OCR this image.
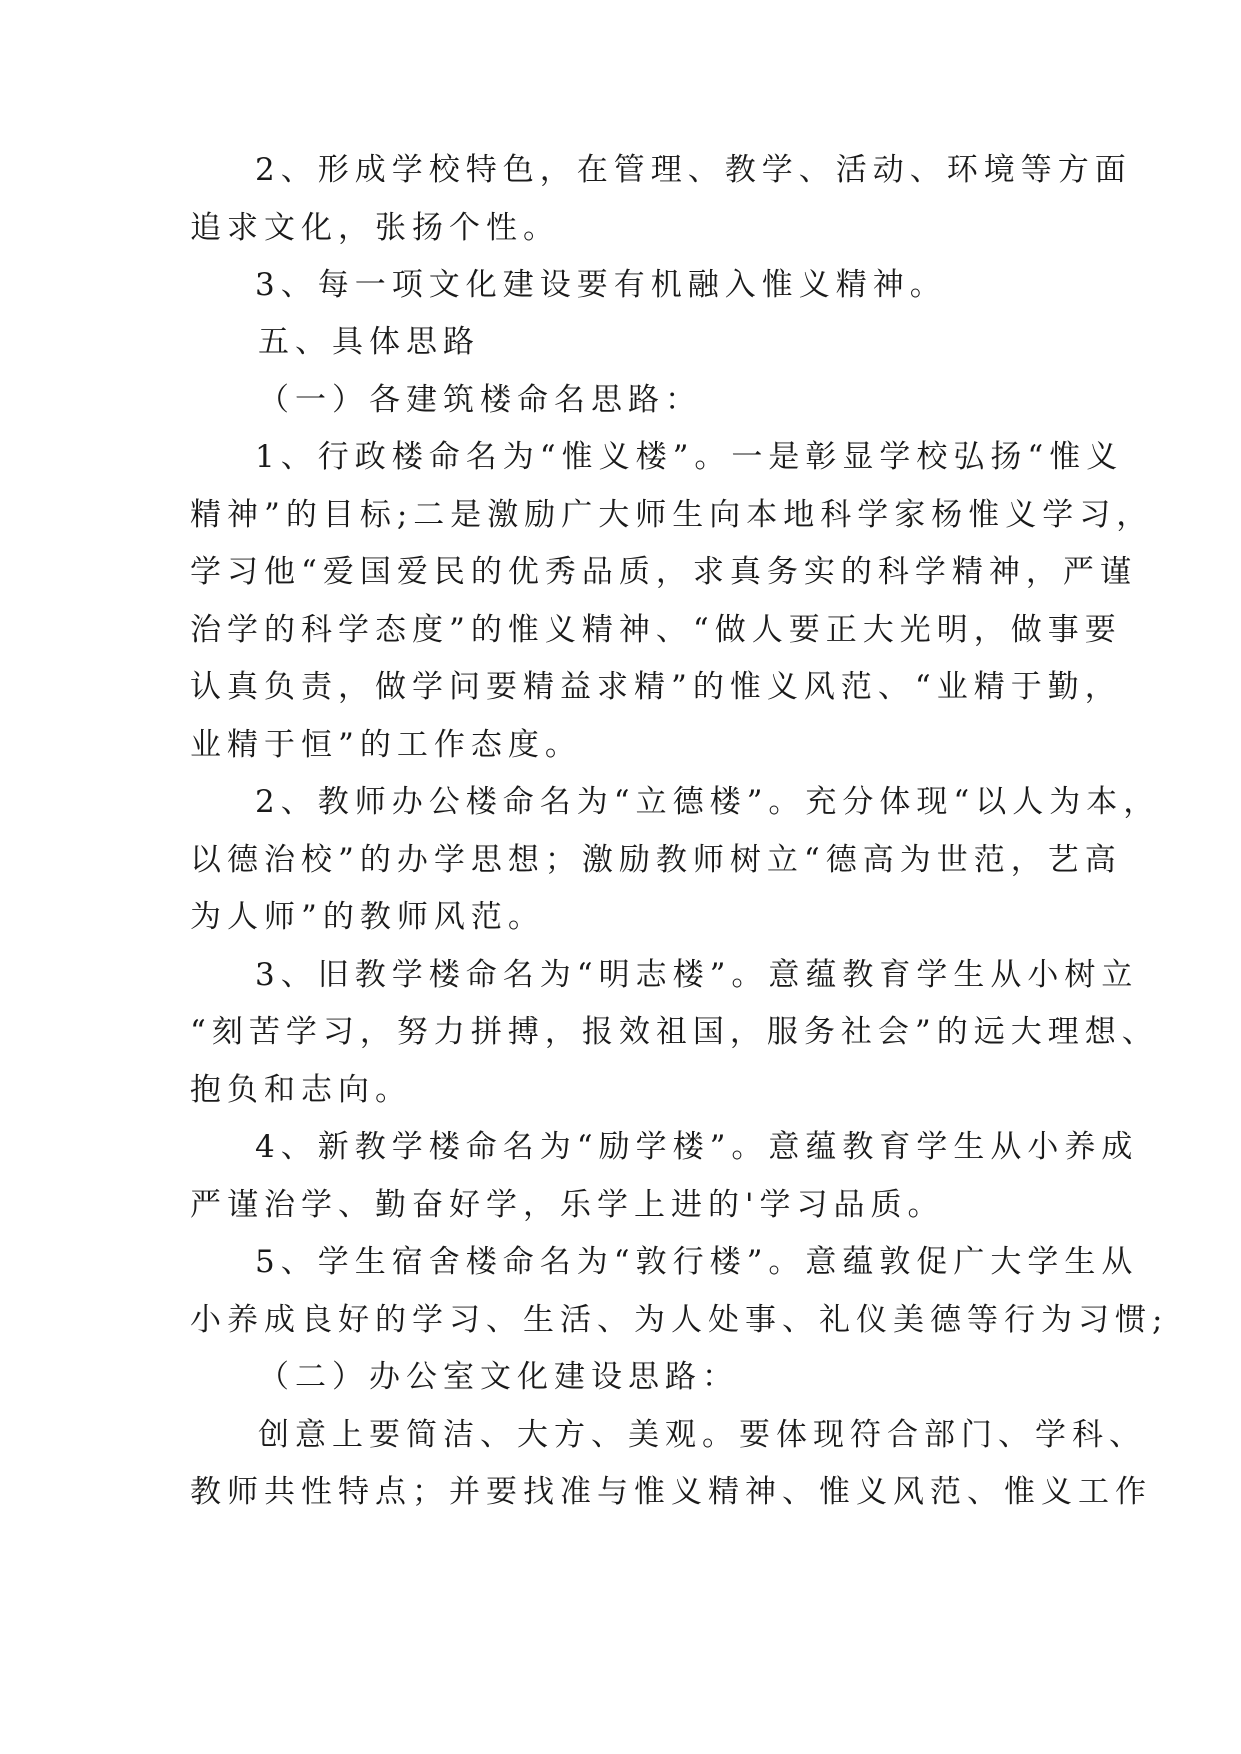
2、形成学校特色，在管理、教学、活动、环境等方面
追求文化，张扬个性。
3、每一项文化建设要有机融入惟义精神。
五、具体思路
（一）各建筑楼命名思路：
1、行政楼命名为“惟义楼”。一是彰显学校弘扬“惟义
精神”的目标;二是激励广大师生向本地科学家杨惟义学习，
学习他“爱国爱民的优秀品质，求真务实的科学精神，严谨
治学的科学态度”的惟义精神、“做人要正大光明，做事要
认真负责，做学问要精益求精”的惟义风范、“业精于勤，
业精于恒”的工作态度。
2、教师办公楼命名为“立德楼”。充分体现“以人为本，
以德治校”的办学思想；激励教师树立“德高为世范，艺高
为人师”的教师风范。
3、旧教学楼命名为“明志楼”。意蕴教育学生从小树立
“刻苦学习，努力拼搏，报效祖国，服务社会”的远大理想、
抱负和志向。
4、新教学楼命名为“励学楼”。意蕴教育学生从小养成
严谨治学、勤奋好学，乐学上进的'学习品质。
5、学生宿舍楼命名为“敦行楼”。意蕴敦促广大学生从
小养成良好的学习、生活、为人处事、礼仪美德等行为习惯;
（二）办公室文化建设思路：
创意上要简洁、大方、美观。要体现符合部门、学科、
教师共性特点；并要找准与惟义精神、惟义风范、惟义工作
